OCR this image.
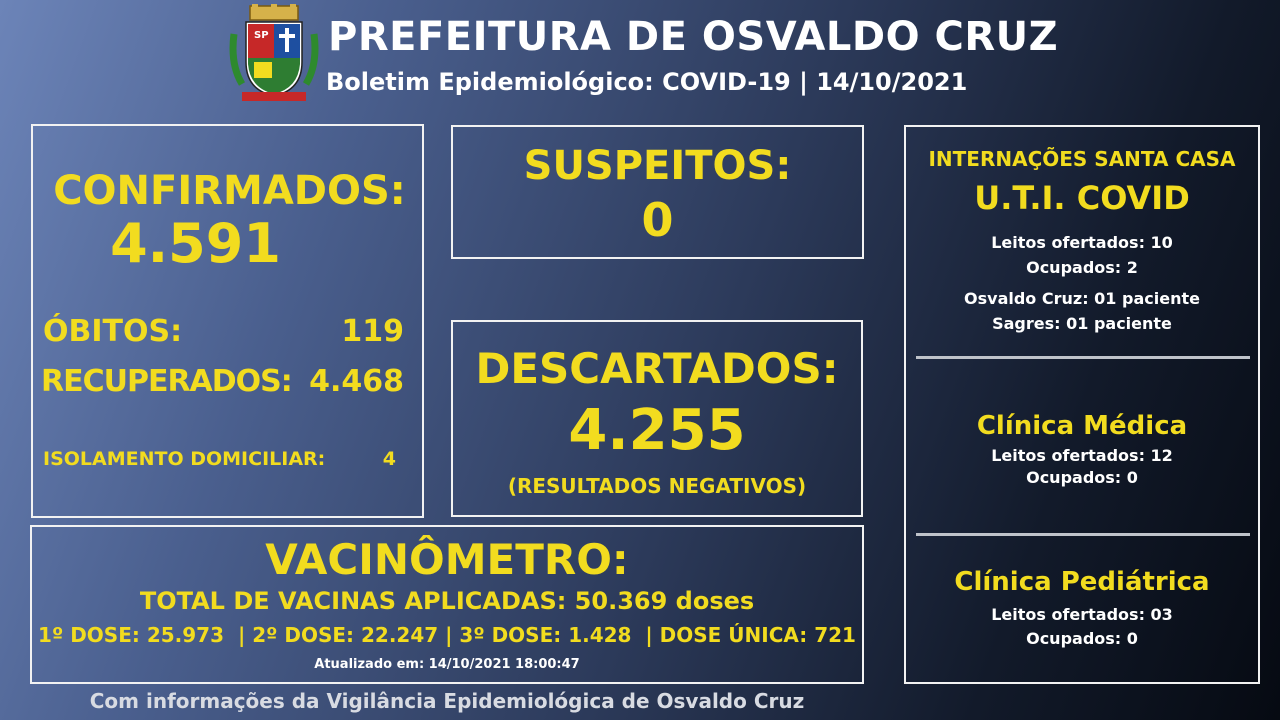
SP PREFEITURA DE OSVALDO CRUZ
Boletim Epidemiológico: COVID-19 | 14/10/2021
CONFIRMADOS:
4.591
ÓBITOS:	119
RECUPERADOS: 4.468
ISOLAMENTO DOMICILIAR:	4
SUSPEITOS:
0
DESCARTADOS:
4.255
(RESULTADOS NEGATIVOS)
VACINÔMETRO:
TOTAL DE VACINAS APLICADAS: 50.369 doses
1º DOSE: 25.973  | 2º DOSE: 22.247 | 3º DOSE: 1.428  | DOSE ÚNICA: 721
Atualizado em: 14/10/2021 18:00:47
INTERNAÇÕES SANTA CASA
U.T.I. COVID
Leitos ofertados: 10
Ocupados: 2
Osvaldo Cruz: 01 paciente
Sagres: 01 paciente
Clínica Médica
Leitos ofertados: 12
Ocupados: 0
Clínica Pediátrica
Leitos ofertados: 03
Ocupados: 0
Com informações da Vigilância Epidemiológica de Osvaldo Cruz
